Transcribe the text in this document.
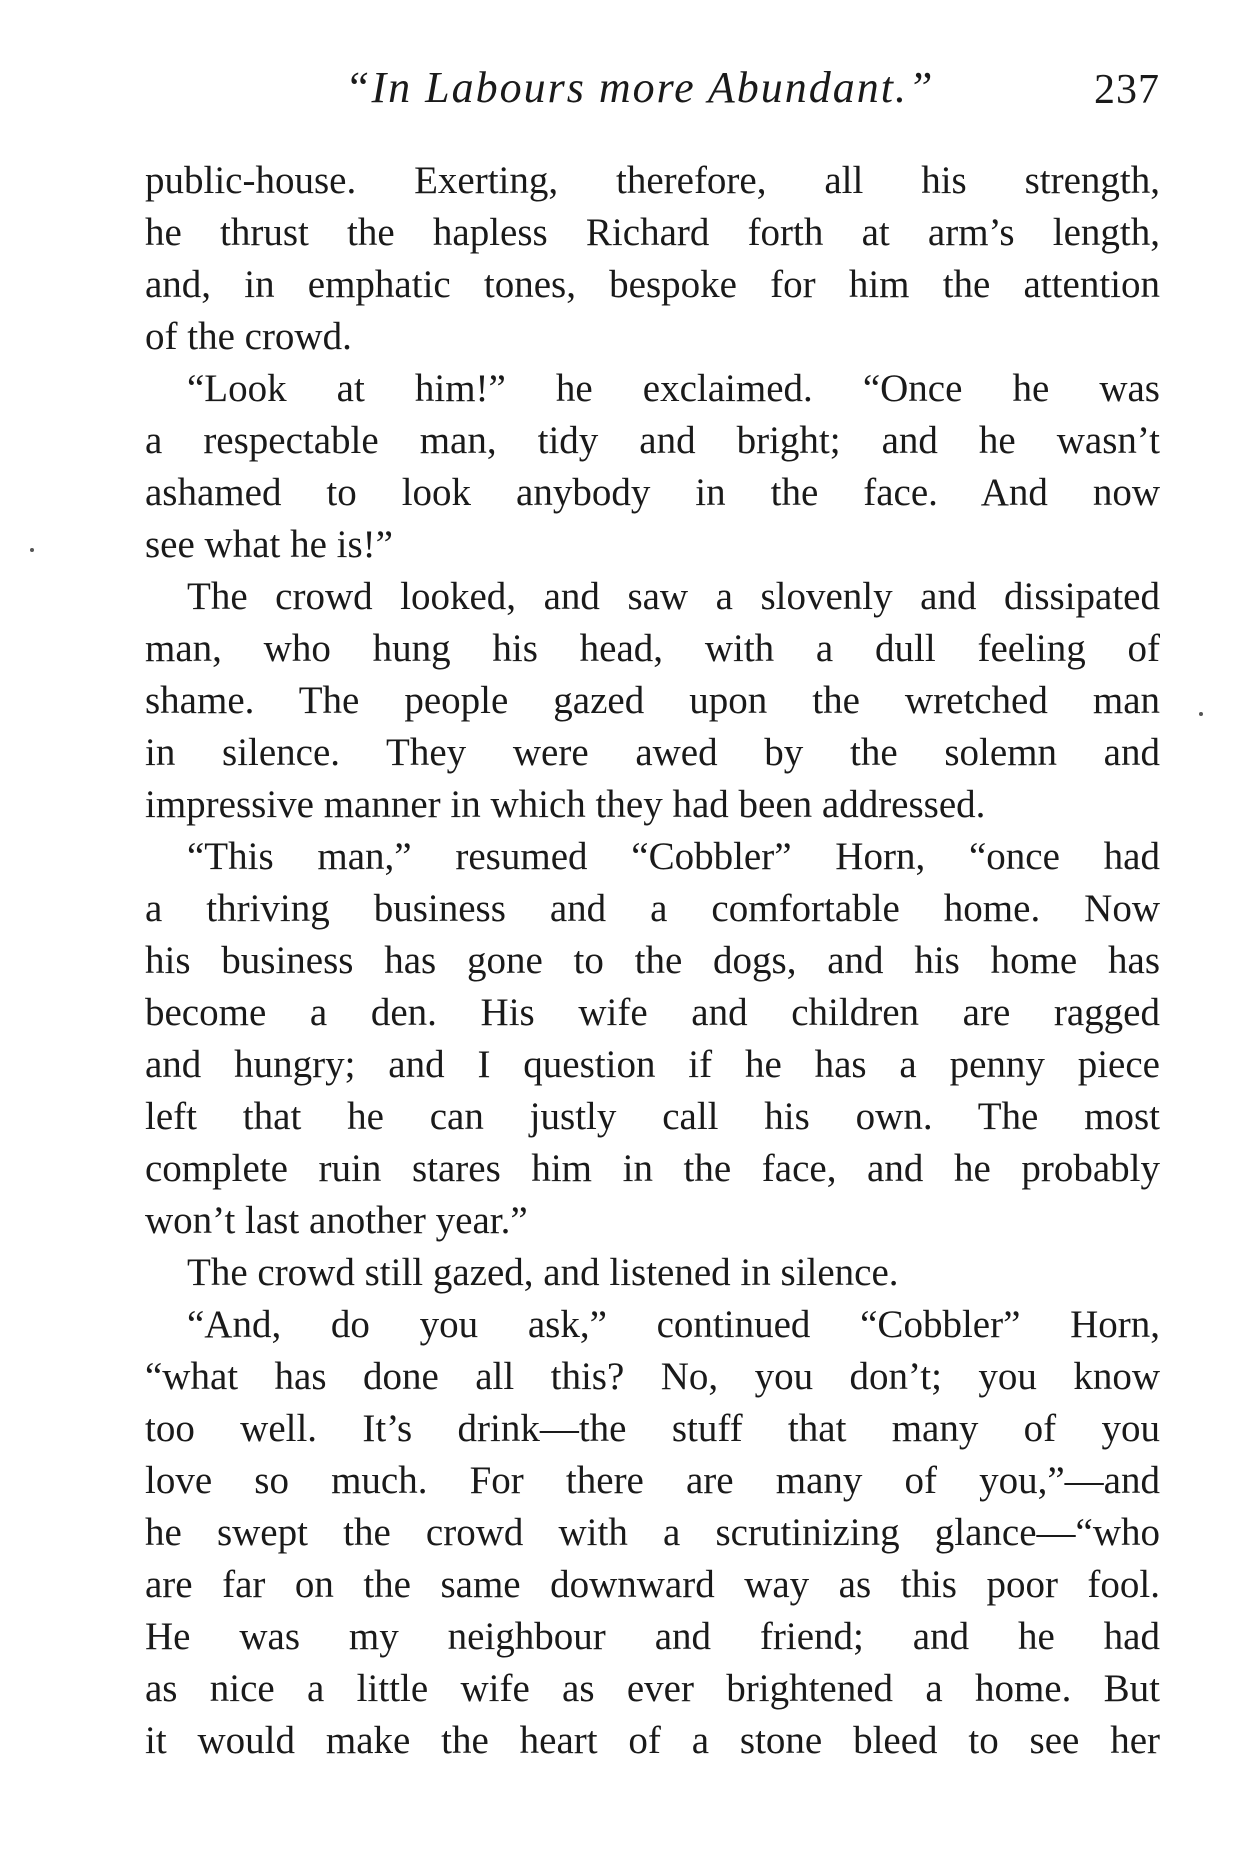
“In Labours more Abundant.”	237
public-house. Exerting, therefore, all his strength,
he thrust the hapless Richard forth at arm’s length,
and, in emphatic tones, bespoke for him the attention
of the crowd.
“Look at him!” he exclaimed. “Once he was
a respectable man, tidy and bright; and he wasn’t
ashamed to look anybody in the face. And now
see what he is!”
The crowd looked, and saw a slovenly and dissipated
man, who hung his head, with a dull feeling of
shame. The people gazed upon the wretched man
in silence. They were awed by the solemn and
impressive manner in which they had been addressed.
“This man,” resumed “Cobbler” Horn, “once had
a thriving business and a comfortable home. Now
his business has gone to the dogs, and his home has
become a den. His wife and children are ragged
and hungry; and I question if he has a penny piece
left that he can justly call his own. The most
complete ruin stares him in the face, and he probably
won’t last another year.”
The crowd still gazed, and listened in silence.
“And, do you ask,” continued “Cobbler” Horn,
“what has done all this? No, you don’t; you know
too well. It’s drink—the stuff that many of you
love so much. For there are many of you,”—and
he swept the crowd with a scrutinizing glance—“who
are far on the same downward way as this poor fool.
He was my neighbour and friend; and he had
as nice a little wife as ever brightened a home. But
it would make the heart of a stone bleed to see her
